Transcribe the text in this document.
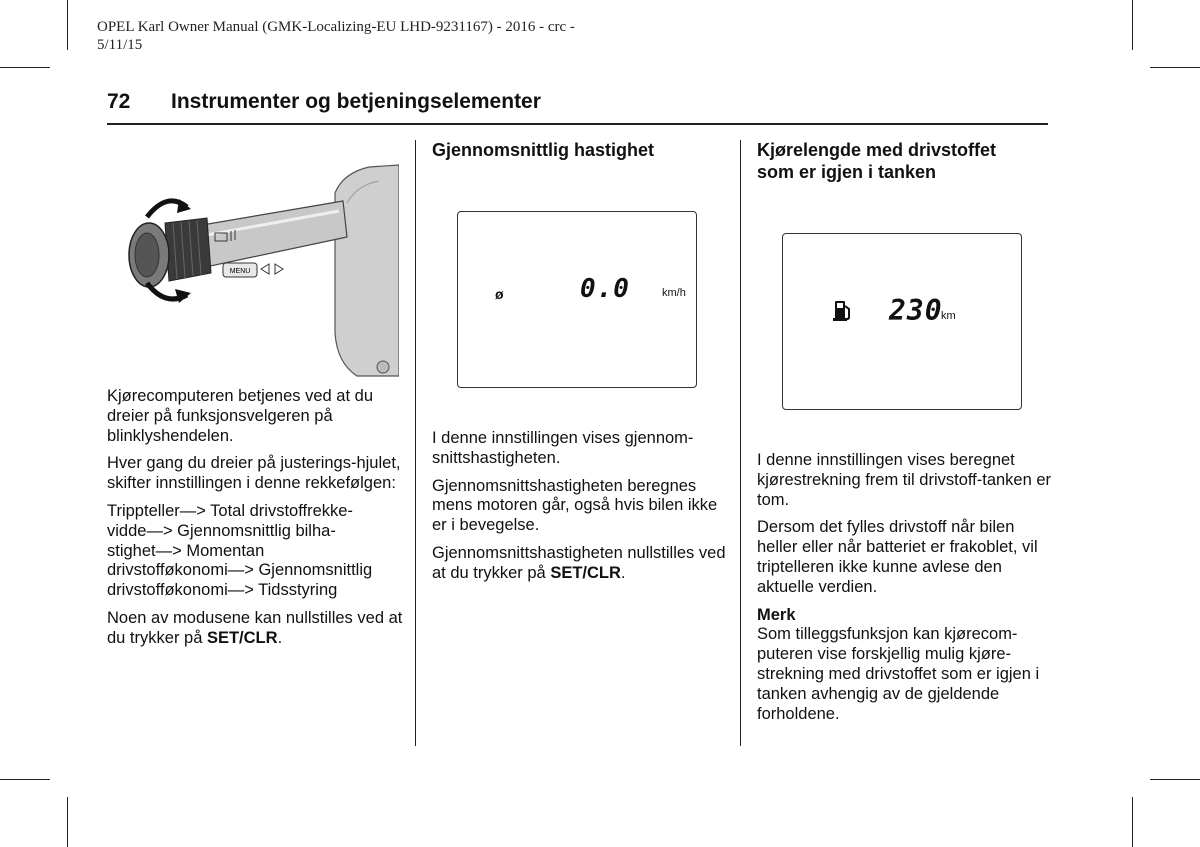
OPEL Karl Owner Manual (GMK-Localizing-EU LHD-9231167) - 2016 - crc -
5/11/15
72 Instrumenter og betjeningselementer
MENU

Kjørecomputeren betjenes ved at du dreier på funksjonsvelgeren på blinklyshendelen.

Hver gang du dreier på justerings-hjulet, skifter innstillingen i denne rekkefølgen:

Trippteller—> Total drivstoffrekke-
vidde—> Gjennomsnittlig bilha-
stighet—> Momentan
drivstofføkonomi—> Gjennomsnittlig
drivstofføkonomi—> Tidsstyring

Noen av modusene kan nullstilles ved at du trykker på SET/CLR.

Gjennomsnittlig hastighet
ø	0.0	km/h

I denne innstillingen vises gjennom-snittshastigheten.

Gjennomsnittshastigheten beregnes mens motoren går, også hvis bilen ikke er i bevegelse.

Gjennomsnittshastigheten nullstilles ved at du trykker på SET/CLR.

Kjørelengde med drivstoffet
som er igjen i tanken
230
km

I denne innstillingen vises beregnet kjørestrekning frem til drivstoff-tanken er tom.

Dersom det fylles drivstoff når bilen heller eller når batteriet er frakoblet, vil triptelleren ikke kunne avlese den aktuelle verdien.

Merk

Som tilleggsfunksjon kan kjørecom-puteren vise forskjellig mulig kjøre-strekning med drivstoffet som er igjen i tanken avhengig av de gjeldende forholdene.
